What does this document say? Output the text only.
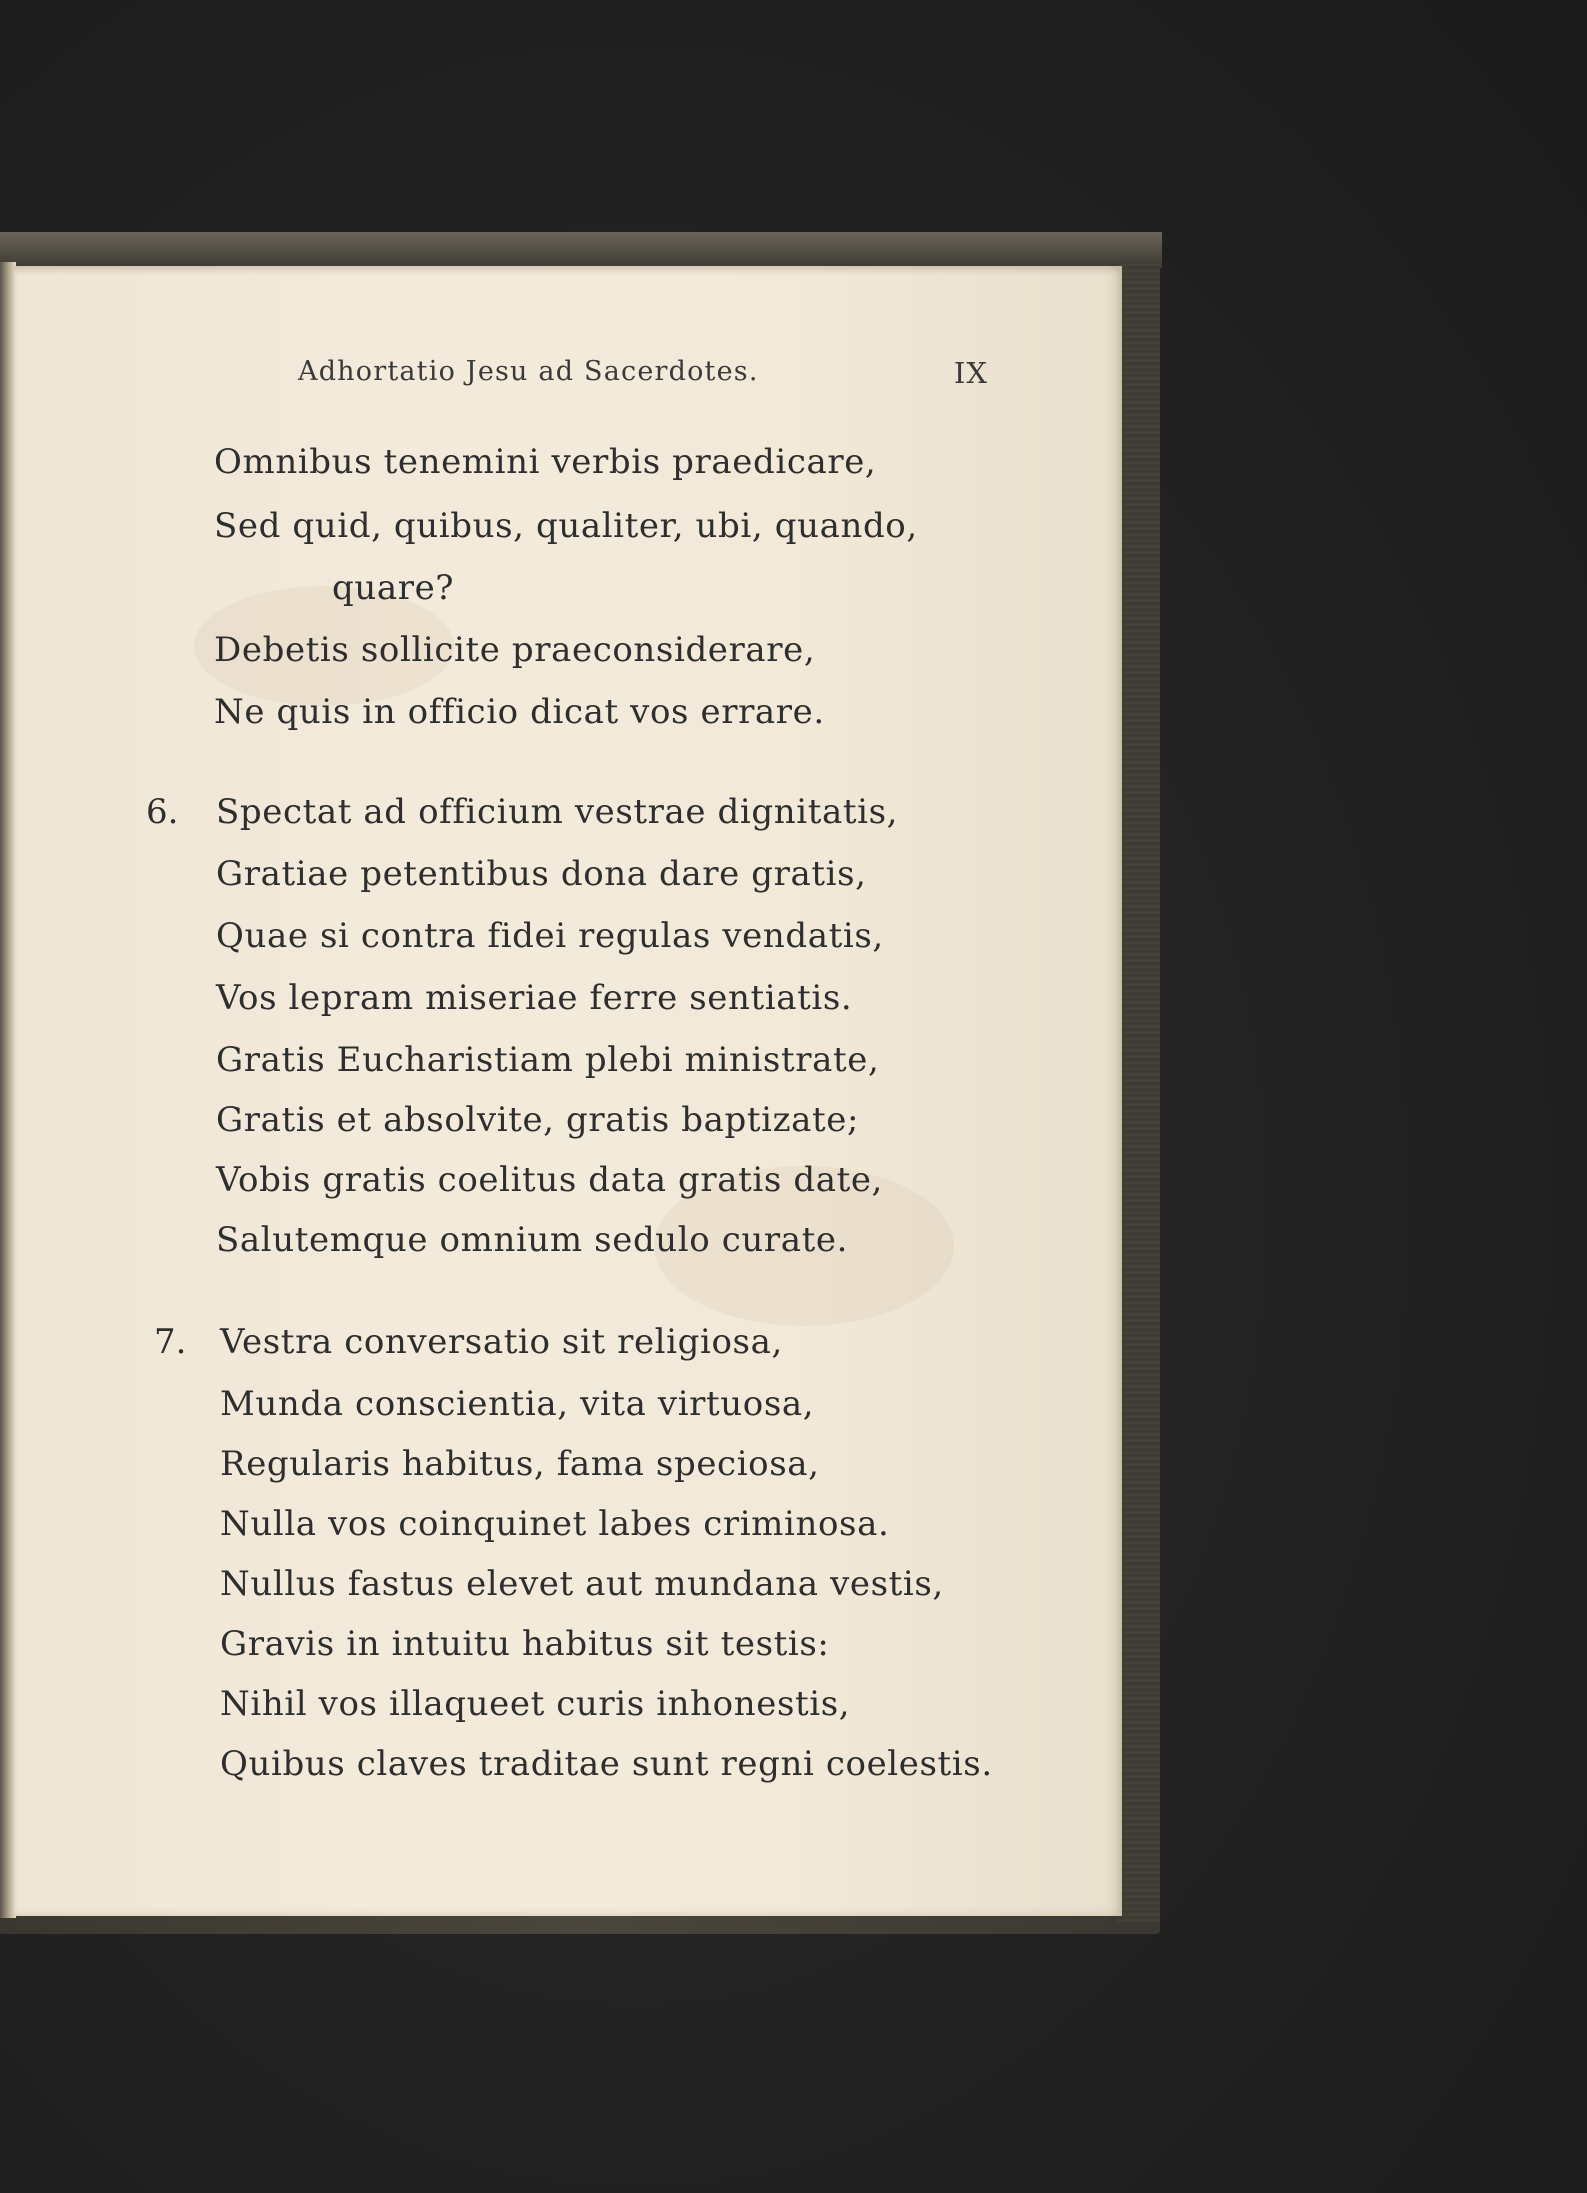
Adhortatio Jesu ad Sacerdotes.	IX
Omnibus tenemini verbis praedicare,
Sed quid, quibus, qualiter, ubi, quando,
quare?
Debetis sollicite praeconsiderare,
Ne quis in officio dicat vos errare.
6. Spectat ad officium vestrae dignitatis,
Gratiae petentibus dona dare gratis,
Quae si contra fidei regulas vendatis,
Vos lepram miseriae ferre sentiatis.
Gratis Eucharistiam plebi ministrate,
Gratis et absolvite, gratis baptizate;
Vobis gratis coelitus data gratis date,
Salutemque omnium sedulo curate.
7. Vestra conversatio sit religiosa,
Munda conscientia, vita virtuosa,
Regularis habitus, fama speciosa,
Nulla vos coinquinet labes criminosa.
Nullus fastus elevet aut mundana vestis,
Gravis in intuitu habitus sit testis:
Nihil vos illaqueet curis inhonestis,
Quibus claves traditae sunt regni coelestis.
